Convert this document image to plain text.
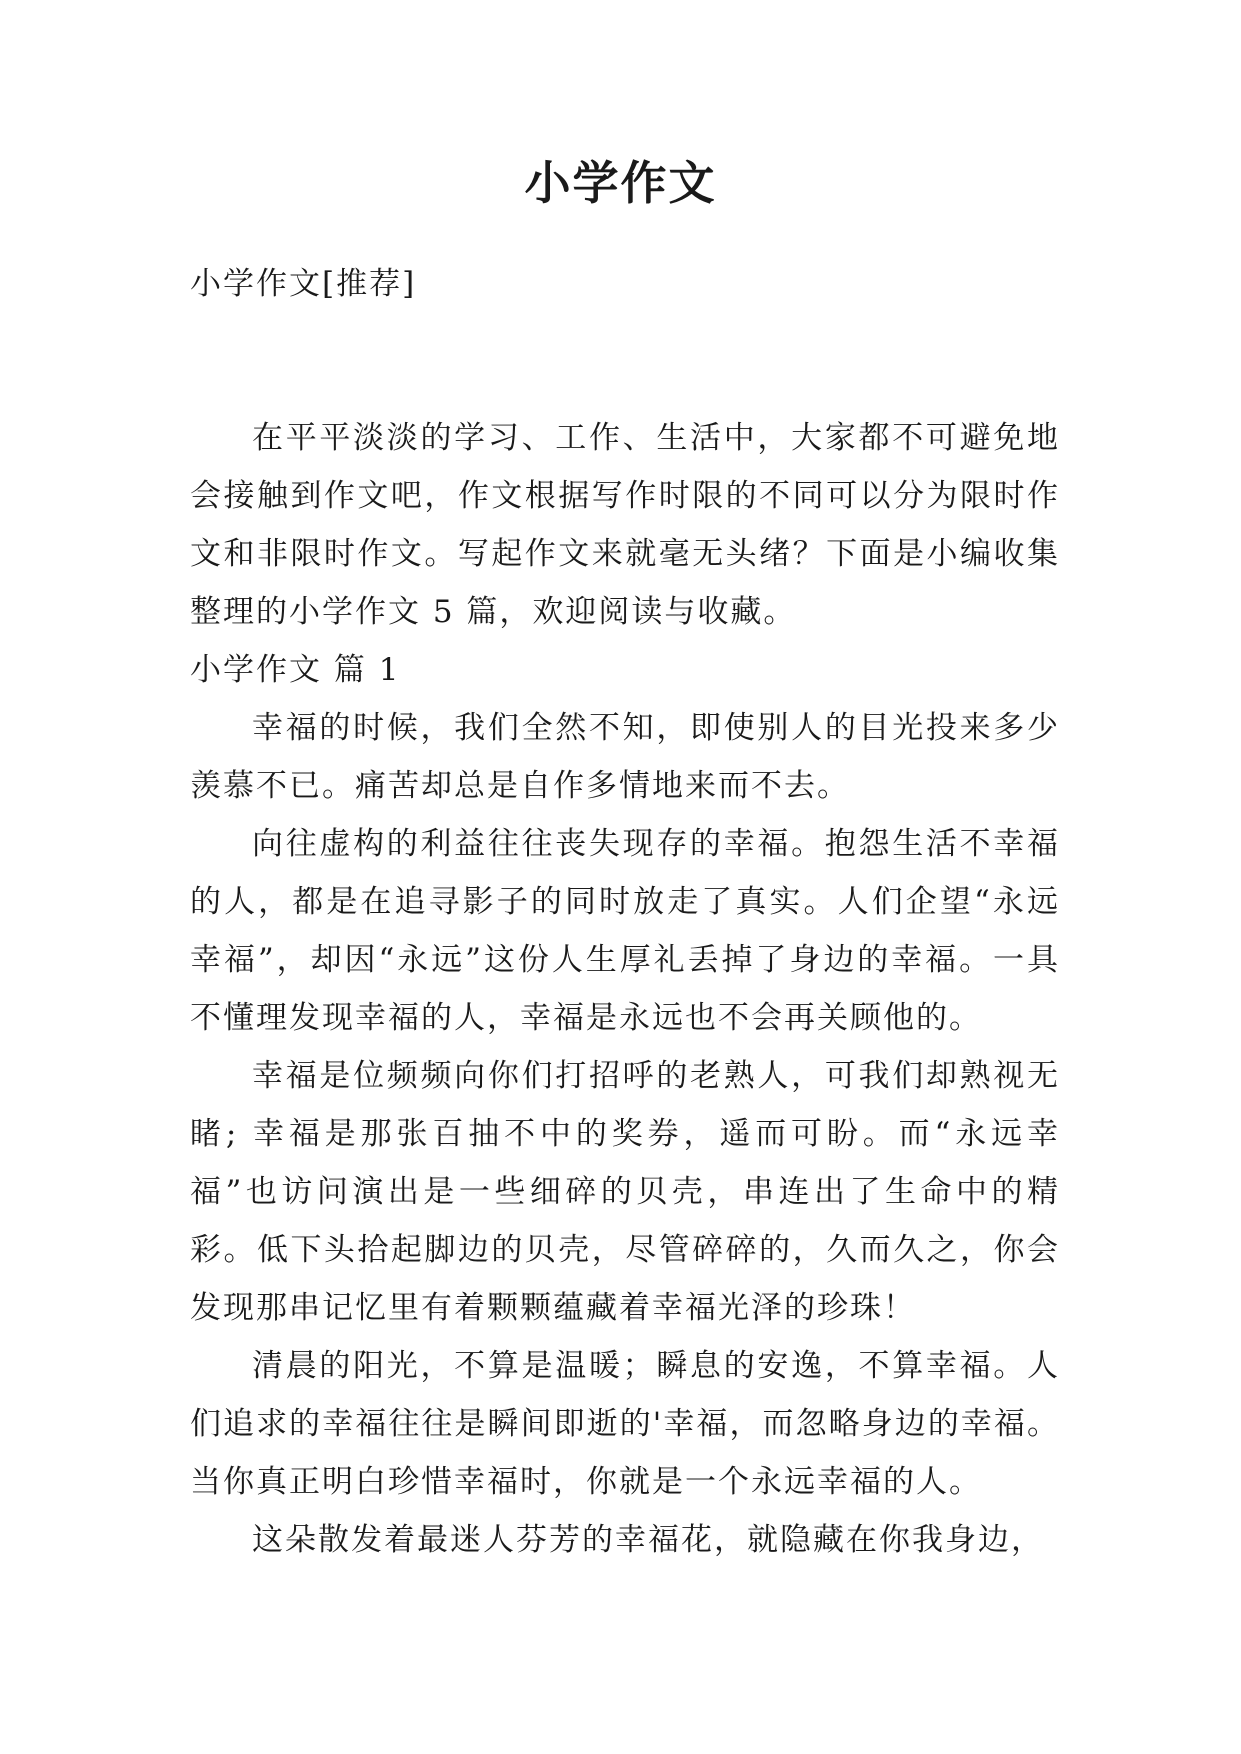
小学作文

小学作文[推荐]

在平平淡淡的学习、工作、生活中，大家都不可避免地会接触到作文吧，作文根据写作时限的不同可以分为限时作文和非限时作文。写起作文来就毫无头绪？下面是小编收集整理的小学作文 5 篇，欢迎阅读与收藏。

小学作文 篇 1

幸福的时候，我们全然不知，即使别人的目光投来多少羡慕不已。痛苦却总是自作多情地来而不去。

向往虚构的利益往往丧失现存的幸福。抱怨生活不幸福的人，都是在追寻影子的同时放走了真实。人们企望“永远幸福”，却因“永远”这份人生厚礼丢掉了身边的幸福。一具不懂理发现幸福的人，幸福是永远也不会再关顾他的。

幸福是位频频向你们打招呼的老熟人，可我们却熟视无睹; 幸福是那张百抽不中的奖券，遥而可盼。而“永远幸福”也访问演出是一些细碎的贝壳，串连出了生命中的精彩。低下头拾起脚边的贝壳，尽管碎碎的，久而久之，你会发现那串记忆里有着颗颗蕴藏着幸福光泽的珍珠！

清晨的阳光，不算是温暖；瞬息的安逸，不算幸福。人们追求的幸福往往是瞬间即逝的'幸福，而忽略身边的幸福。当你真正明白珍惜幸福时，你就是一个永远幸福的人。

这朵散发着最迷人芬芳的幸福花，就隐藏在你我身边，
